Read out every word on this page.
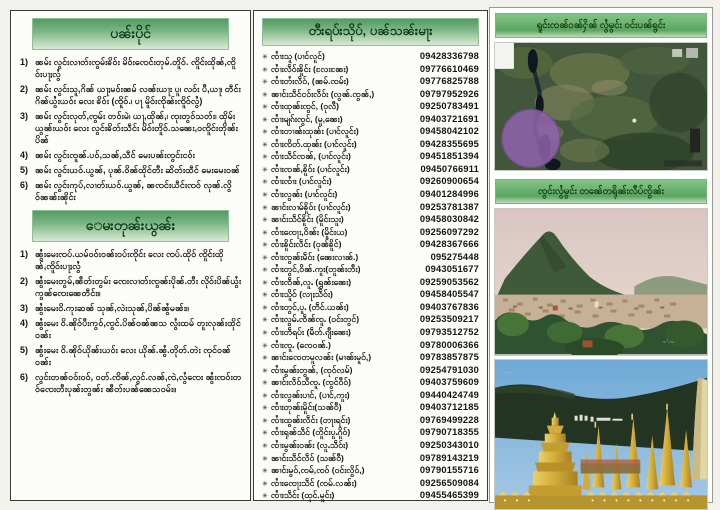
ပၼ်းပိုင်
1) ၼမ်း လွင်းလၢတ်းၸွမ်းၶိဝ်း မိဝ်းၸေင်းတုမ်.တိူဝ်. ၸိူင်းထိုၼ်,ၸိူဝ်းပႃႈလွႆ
2) ၼမ်း လွင်းသူ,ဂိၼ် ယႃႈမဝ်းၼမ် လၼ်းယႃး ပူ၊ လဝ်း ပီ,ယႃ၊ တဵင်းဂိၼ်ယွႆးယဝ်း လေး ၶိဝ်း (ၸိူဝ်.၊ ပႃ မိူဝ်းၸိုၼ်းၸိူဝ်လွႆ)
3) ၼမ်း လွင်းလုတ်,ၸွမ်း တဝ်းမဲ၊ ယႃ,ထိုၼ်,၊ ၸုးတွဝ်သတ်း၊ ထိုမ်းယွၼ်းယဝ်း လေး လွင်းၶိတ်းသဵင်း မိဝ်းတိူဝ်.သၼေး,ဝၸိူင်းတိုၼ်းပိၼ်
4) ၼမ်း လွင်းၸူၼ်.ပဝ်,သၼ်,သဵင် မေးပၼ်းၸွင်းငဝ်း
5) ၼမ်း လွင်းယဝ်.ယွၼ်, ပုၼ်.ဝိၼ်ထိုင်တီး ဆိတ်းထဵင် မေးမေးဝၼ်
6) ၼမ်း လွင်းကုပ်,လၢတ်းယဝ်.ယွၼ်, ၼၸင်းယဵင်းၸဝ် လုၼ်.လွိဝ်ၼၼ်းၼိုင်း
ေမးတုၼ်းယွၼ်း
1) ၼွႆးမေးၸပ်.ယမ်ဝဝ်းဝၼ်းဝပ်းၸိုင်း လေး ၸပ်.ထိုဝ် ၸိူင်းထိုၼ်,ၸိူဝ်းပႃႈလွႆ
2) ၼွႆးမေးတွမ်,ၼီတ်းတွမ်း ၸေးလၢတ်းၸွၼ်းပိုၼ်.တီး လိုဝ်းပိၼ်ယွႆးကွၼ်ၸေးၼေတဵင်း။
3) ၼွႆးမေးဝိ.ကုးဆၼ် သုၼ်,လဲးသုၼ်,ပိၼ်ၼွႆမၼ်း။
4) ၼွႆးမေး ဝိ.ၼိုဝ်ပီးကွဝ်,ၸွင်.ပိၼ်ဝၼ်ၼသ လွႆးထမ် တူးလုၼ်းထိုင်ဝၼ်း
5) ၼွႆးမေး ဝိ.ၼိုဝ်ယိုၼ်းယဝ်း လေး ယိုၼ်.ၼွႆ.တိုတ်.တဲး ၸုင်ဝၼ်ဝၼ်း
6) လွင်းတၼ်ဝဝ်းဝဝ်, ဝတ်.ၸိၼ်,လွင်.လၼ်,ၸဲ,လွႆၸေး ၼွႆးၸဝ်းတဝ်ၸေးတီးပုၼ်းတွၼ်း ၼီတ်းပၼ်ၼေသဝမ်း။
တီးရပ်းသိုပ်, ပၼ်သၼ်းမႃး
✳ ၸၢႆးသူ (ပၢင်လူင်)	09428336798
✳ ၸၢႆးလဵဝ်းၶိူင်း (လႄးၼႄး)	09776610469
✳ ၸၢႆးတႆးလဵဝ်, (ၼမ်.ၸမ်း)	09776825788
✳ ၼၢင်းသဵင်ငဝ်းလဵဝ်း (လွၼ်.ၸွၼ်,)	09797952926
✳ ၸၢႆးထုၼ်းၸွင်, (ဝုလီ)	09250783491
✳ ၸၢႆးမျၵ်းၸွင်, (မူ,ၼေး)	09403721691
✳ ၸၢႆးတၢၼ်းထုၼ်း (ပၢင်လူင်း)	09458042102
✳ ၸၢႆးၸိတ်.ထုၼ်း (ပၢင်လူင်း)	09428355695
✳ ၸၢႆးသဵင်ၸၼ်, (ပၢင်လူင်း)	09451851394
✳ ၸၢႆးၸၼ်,ၶိူဝ်း (ပၢင်လူင်း)	09450766911
✳ ၸၢႆးၸၢႆး (ပၢင်လူင်း)	09260900654
✳ ၸၢႆးလွၼ်း (ပၢင်လူင်း)	09401284996
✳ ၼၢင်းလၢမ်ၶိူဝ်း (ပၢင်လူင်း)	09253781387
✳ ၼၢင်းသဵင်ၶိူင်း (မိူင်းသူး)	09458030842
✳ ၸၢႆးၸေႃး,ဝိၼ်း (မိူင်းယ)	09256097292
✳ ၸၢႆးၶိူင်းလဵင်း (ဝုၼ်ၶိူင်)	09428367666
✳ ၸၢႆးၸွၼ်းမဵဝ်း (ၼေးလၢၼ်.)	095275448
✳ ၸၢႆးတွင်,ဝိၼ်.ကူး(တူၼ်းတီး)	0943051677
✳ ၸၢႆးၸဵၼ်,လူႉ (ရွှၼ်းၼေး)	09259053562
✳ ၸၢႆးသိူဝ် (လႃႈသဵဝ်း)	09458405547
✳ ၸၢႆးတွင်,ပူႉ (တဵင်.ယၼ်း)	09403767836
✳ ၸၢႆးလွမ်ႉၸဵၼ်ၸူႉ (ဝင်းတွင်)	09253509217
✳ ၸၢႆးတဵရပ်း (မဵတ်.ၵျီးၼေး)	09793512752
✳ ၸၢႆးၸူႉ (ၸေဝၼ်.)	09780006366
✳ ၼၢင်းၸေတမူလၼ်း (မၢၼ်းမူဝ်,)	09783857875
✳ ၸၢႆးမွၼ်းတွၼ်, (ၸုဝ်လမ်)	09254791030
✳ ၼၢင်းလဵဝ်သီၸူႉ (ၸွင်ဝီဝ်)	09403759609
✳ ၸၢႆးလွၼ်းပၢင်, (ပၢင်,ကူး)	09440424749
✳ ၸၢႆးတုၼ်းမိူင်း(သၼ်ဝီ)	09403712185
✳ ၸၢႆးထွၼ်းလဵင်း (တႃးရင်း)	09769499228
✳ ၸၢႆးရုၼ်သဵင် (တိူင်းပူႉဂိူဝ်)	09790718355
✳ ၸၢႆးမွၼ်းဝၼ်း (လူႉသဵဝ်း)	09250343010
✳ ၼၢင်းသဵင်လဵဝ် (သၼ်ဝီ)	09789143219
✳ ၼၢင်းမွဝ်,ၸမ်,ၸဝ် (ဝင်းလွိဝ်,)	09790155716
✳ ၸၢႆးၸေႃးသဵင် (ၸမ်.လၼ်း)	09256509084
✳ ၸၢႆးသဵင်း (ထုင်.မူင်း)	09455465399
ရူင်းၸၼ်ဝၼ်ႁိၼ် လွႆမွင်း ဝင်းပၼ်ရွင်း
ၸွင်းလွႆမွင်း တၼ်ေတရိုၼ်းလီပ်ၸွိၼ်း
~'·~
· ···
